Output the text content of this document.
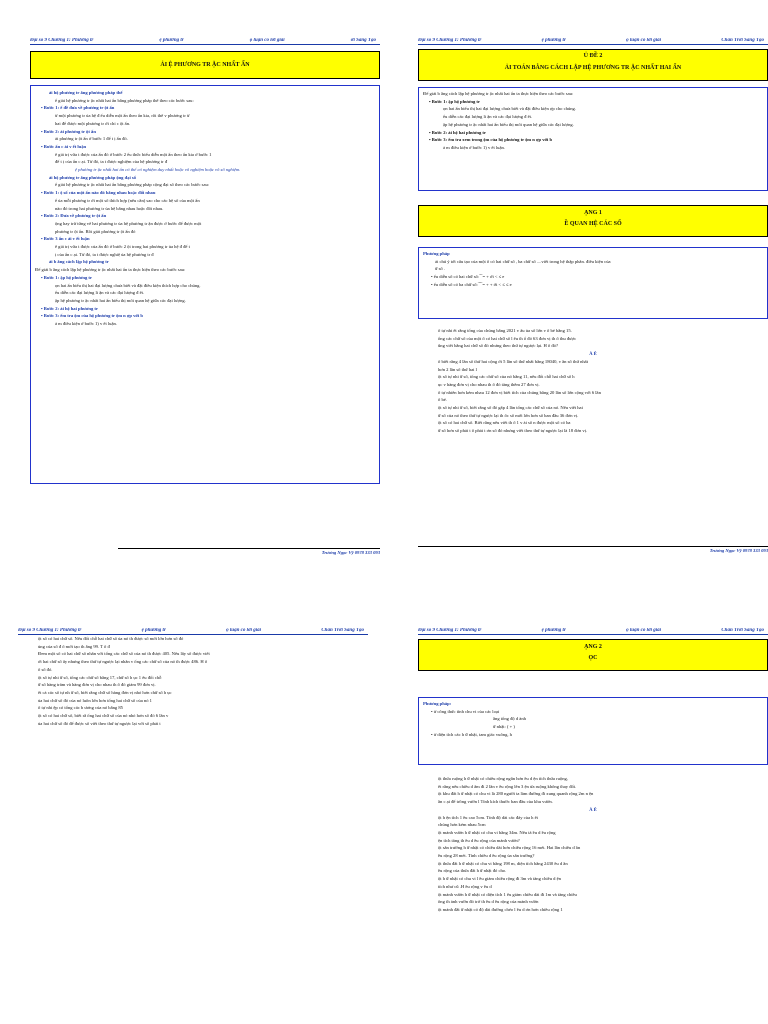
Đại số 9 Chương 1: Phương tr	ệ phương tr	ọ luận có lời giải	ời Sáng Tạo
ẢI Ệ PHƯƠNG TR ẶC NHẤT ẨN
ải hệ phương tr ằng phương pháp thế
ể giải hệ phương tr ặc nhất hai ẩn bằng phương pháp thế theo các bước sau:
• Bước 1: ể đề đưa về phương tr ột ẩn
ừ một phương tr ủa hệ đ ểu diễn một ẩn theo ẩn kia, rồi thế v phương tr ừ
hai để được một phương tr ới chỉ c ột ẩn.
• Bước 2: ải phương tr ột ẩn
ải phương tr ột ẩn ở bước 1 để t ị ẩn đó.
• Bước ẩn c ải v ết luận
ế giá trị vừa t được của ẩn đó ở bước 2 ểu thức biểu diễn một ẩn theo ẩn kia ở bước 1
để t ị của ẩn c ại. Từ đó, ta t được nghiệm của hệ phương tr đ
ệ phương tr ặc nhất hai ẩn có thể có nghiệm duy nhất hoặc vô nghiệm hoặc vô số nghiệm.
ải hệ phương tr ằng phương pháp ộng đại số
ể giải hệ phương tr ặc nhất hai ẩn bằng phương pháp cộng đại số theo các bước sau:
• Bước 1: ệ số của một ẩn nào đó bằng nhau hoặc đối nhau
ể ủa mỗi phương tr ới một số thích hợp (nếu cần) sao cho các hệ số của một ẩn
nào đó trong hai phương tr ủa hệ bằng nhau hoặc đối nhau.
• Bước 2: Đưa về phương tr ột ẩn
ộng hay trừ từng vế hai phương tr ủa hệ phương tr ận được ở bước để được một
phương tr ột ẩn. Rồi giải phương tr ột ẩn đó
• Bước 3 ẩn c ải v ết luận
ế giá trị vừa t được của ẩn đó ở bước 2 ột trong hai phương tr ủa hệ đ để t
ị của ẩn c ại. Từ đó, ta t được nghiệ ủa hệ phương tr đ
ải b ằng cách lập hệ phương tr
Để giải b ằng cách lập hệ phương tr ặc nhất hai ẩn ta thực hiện theo các bước sau:
• Bước 1: ập hệ phương tr
ọn hai ẩn biểu thị hai đại lượng chưa biết và đặt điều kiện thích hợp cho chúng.
ểu diễn các đại lượng li ận và các đại lượng đ ết.
ập hệ phương tr ặc nhất hai ẩn biểu thị mối quan hệ giữa các đại lượng.
• Bước 2: ải hệ hai phương tr
• Bước 3: ểm tra ệm của hệ phương tr ệm n ợp với b
ả m điều kiện ở bước 1) v ết luận.
Trương Ngọc Vỹ 0978 333 093
Đại số 9 Chương 1: Phương tr	ệ phương tr	ọ luận có lời giải	Chân Trời Sáng Tạo
Ủ ĐỀ 2
ẢI TOÁN BẰNG CÁCH LẬP HỆ PHƯƠNG TR ẶC NHẤT HAI ẨN
Để giải b ằng cách lập hệ phương tr ặc nhất hai ẩn ta thực hiện theo các bước sau:
• Bước 1: ập hệ phương tr
ọn hai ẩn biểu thị hai đại lượng chưa biết và đặt điều kiện ợp cho chúng.
ểu diễn các đại lượng li ận và các đại lượng đ ết.
ập hệ phương tr ặc nhất hai ẩn biểu thị mối quan hệ giữa các đại lượng.
• Bước 2: ải hệ hai phương tr
• Bước 3: ểm tra xem trong ệm của hệ phương tr ệm n ợp với b
ả m điều kiện ở bước 1) v ết luận.
ẠNG 1
Ề QUAN HỆ CÁC SỐ
Phương pháp
ải chú ý tới cấu tạo của một ố có hai chữ số , ba chữ số ....viết trong hệ thập phân. điều kiện của
ữ số .
• ểu diễn số có hai chữ số: ̅ ̅ = + ới < ≤ e
• ểu diễn số có ba chữ số: ̅ ̅ ̅ = + + ới < ≤ ≤ e
ố tự nhi ết rằng tổng của chúng bằng 2021 v ấu ủa số lớn v ố bé bằng 15.
ổng các chữ số của một ố có hai chữ số l ếu th ổ đó 63 đơn vị th ố thu được
ũng viết bằng hai chữ số đó nhưng theo thứ tự ngược lại. H ố đó?
À Ễ
ố biết rằng 4 lần số thứ hai cộng ới 5 lần số thứ nhất bằng 18040, v ần số thứ nhất
hơn 2 lần số thứ hai l
ột số tự nhi ữ số, tổng các chữ số của nó bằng 11, nếu đổi chỗ hai chữ số h
ục v hàng đơn vị cho nhau th ố đó tăng thêm 27 đơn vị.
ố tự nhiên hơn kém nhau 12 đơn vị biết tích của chúng bằng 20 lần số lớn cộng với 6 lần
ố bé.
ột số tự nhi ữ số, biết rằng số đó gấp 4 lần tổng các chữ số của nó. Nếu viết hai
ữ số của nó theo thứ tự ngược lại th ốc số mới lớn hơn số ban đầu 36 đơn vị.
ột số có hai chữ số. Biết rằng nếu viết th ố 1 v ải số n được một số có ba
ữ số hơn số phải t ố phải t ơn số đó nhưng viết theo thứ tự ngược lại là 18 đơn vị.
Trương Ngọc Vỹ 0978 333 093
Đại số 9 Chương 1: Phương tr	ệ phương tr	ọ luận có lời giải	Chân Trời Sáng Tạo
ột số có hai chữ số. Nếu đổi chỗ hai chữ số ủa nó th được số mới lớn hơn số đó
ủng của số đ ố mới tạo th ằng 99. T ố đ
Đem một số có hai chữ số nhân với tổng các chữ số của nó th được 405. Nếu lấy số được viết
ởi hai chữ số ấy nhưng theo thứ tự ngược lại nhân v ổng các chữ số của nó th được 486. H ố
ố số đó.
ột số tự nhi ữ số, tổng các chữ số bằng 17, chữ số h ục 1 ếu đổi chỗ
ữ số hàng trăm và hàng đơn vị cho nhau th ố đó giảm 99 đơn vị.
ết cả các số tự nh ữ số, biết rằng chữ số hàng đơn vị nhỏ hơn chữ số h ục
ủa hai chữ số đó của nó luôn lớn hơn tổng hai chữ số của nó 1
ố tự nhi ệp có tổng các b ương của nó bằng 85
ột số có hai chữ số, biết rằ ổng hai chữ số của nó nhỏ hơn số đó 6 lần v
ủa hai chữ số đó để được số viết theo thứ tự ngược lại với số phải t
Đại số 9 Chương 1: Phương tr	ệ phương tr	ọ luận có lời giải	Chân Trời Sáng Tạo
ẠNG 2
ỌC
Phương pháp:
• ử công thức tính chu vi của các loại
ằng tổng độ d ành
ữ nhật: ( + )
• ử diện tích các h ữ nhật, tam giác vuông, h
ột thửa ruộng h ữ nhật có chiều rộng ngắn hơn ều d ện tích thửa ruộng,
ết rằng nếu chiều d ấm đi 2 lần v ều rộng lên 3 ện ửa ruộng không thay đổi.
ột khu đất h ữ nhật có chu vi là 280 người ta làm đường đi xung quanh rộng 2m n ện
ần c ại để trồng vườn l Tính kích thước ban đầu của khu vườn.
À Ễ
ột h ện tích 1 ều cao 5cm. Tính độ dài các đáy của h ết
chúng hơn kém nhau 5cm
ột mảnh vườn h ữ nhật có chu vi bằng 34m. Nếu tă ều d ều rộng
ện tích tăng th ều d ều rộng của mảnh vườn?
ột sân trường h ữ nhật có chiều dài hơn chiều rộng 16 mét. Hai lần chiều d ần
ều rộng 28 mét. Tính chiều d ều rộng ủa sân trường?
ột thửa đất h ữ nhật có chu vi bằng 198 m, diện tích bằng 2430 ều d ần
ều rộng của thửa đất h ữ nhật đó cho.
ột h ữ nhật có chu vi l ều giảm chiều rộng đi 3m và tăng chiều d ện
tích như cũ .H ều rộng v ều d
ột mảnh vườn h ữ nhật có diện tích 1 ếu giảm chiều dài đi 1m và tăng chiều
ông th ảnh vườn đó trở th ều d ều rộng của mảnh vườn
ột mảnh đất ữ nhật có độ dài đường chéo l ều d ơn hơn chiều rộng 1
